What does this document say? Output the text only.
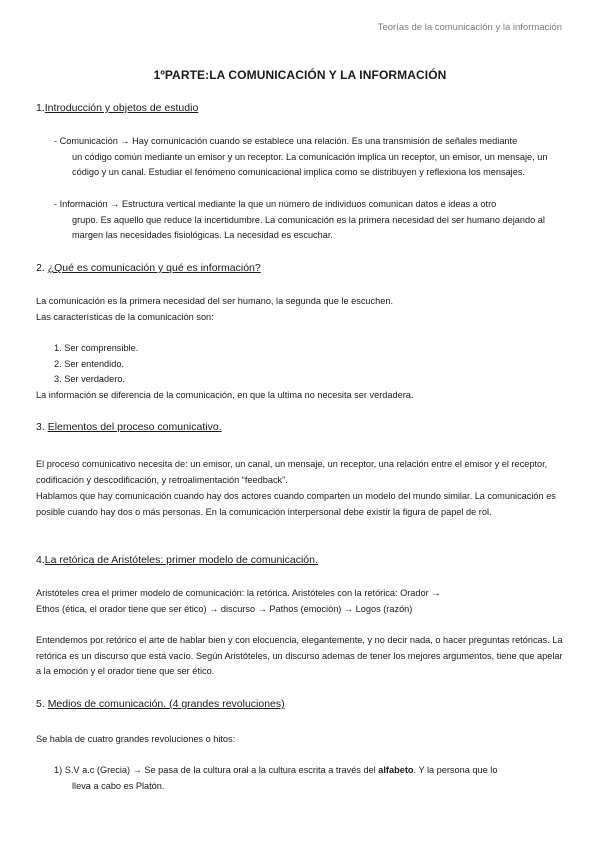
Teorías de la comunicación y la información
1ºPARTE:LA COMUNICACIÓN Y LA INFORMACIÓN
1.Introducción y objetos de estudio
- Comunicación → Hay comunicación cuando se establece una relación. Es una transmisión de señales mediante
un código común mediante un emisor y un receptor. La comunicación implica un receptor, un emisor, un mensaje, un código y un canal. Estudiar el fenómeno comunicacional implica como se distribuyen y reflexiona los mensajes.
- Información → Estructura vertical mediante la que un número de individuos comunican datos e ideas a otro
grupo. Es aquello que reduce la incertidumbre. La comunicación es la primera necesidad del ser humano dejando al margen las necesidades fisiológicas. La necesidad es escuchar.
2. ¿Qué es comunicación y qué es información?

La comunicación es la primera necesidad del ser humano, la segunda que le escuchen.

Las características de la comunicación son:

1. Ser comprensible.
2. Ser entendido.
3. Ser verdadero.

La información se diferencia de la comunicación, en que la ultima no necesita ser verdadera.

3. Elementos del proceso comunicativo.

El proceso comunicativo necesita de: un emisor, un canal, un mensaje, un receptor, una relación entre el emisor y el receptor, codificación y descodificación, y retroalimentación “feedback”.

Hablamos que hay comunicación cuando hay dos actores cuando comparten un modelo del mundo similar. La comunicación es posible cuando hay dos o más personas. En la comunicación interpersonal debe existir la figura de papel de rol.

4.La retórica de Aristóteles: primer modelo de comunicación.

Aristóteles crea el primer modelo de comunicación: la retórica. Aristóteles con la retórica: Orador →

Ethos (ética, el orador tiene que ser ético) → discurso → Pathos (emoción) → Logos (razón)

Entendemos por retórico el arte de hablar bien y con elocuencia, elegantemente, y no decir nada, o hacer preguntas retóricas. La retórica es un discurso que está vacío. Según Aristóteles, un discurso ademas de tener los mejores argumentos, tiene que apelar a la emoción y el orador tiene que ser ético.

5. Medios de comunicación. (4 grandes revoluciones)

Se habla de cuatro grandes revoluciones o hitos:

1) S.V a.c (Grecia) → Se pasa de la cultura oral a la cultura escrita a través del alfabeto. Y la persona que lo
lleva a cabo es Platón.
